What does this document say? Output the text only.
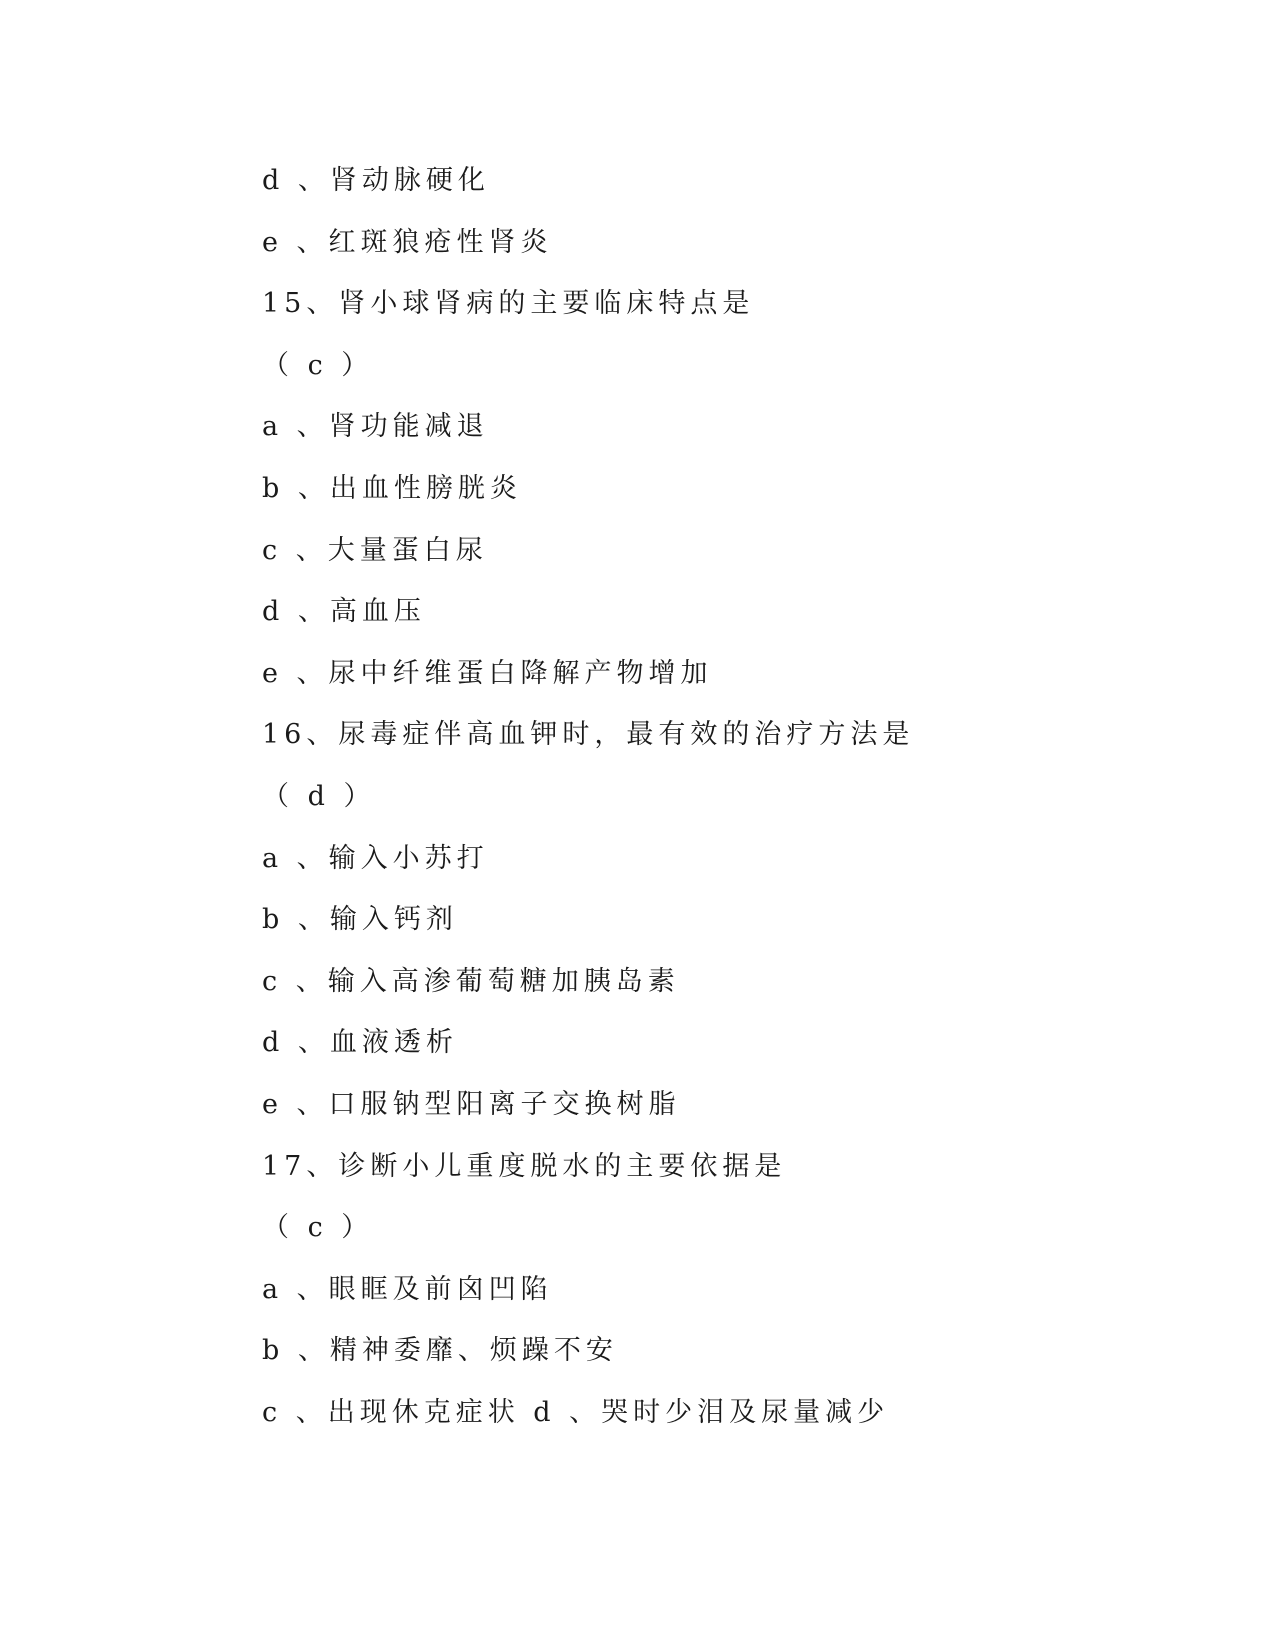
d 、肾动脉硬化
e 、红斑狼疮性肾炎
15、肾小球肾病的主要临床特点是
（ c ）
a 、肾功能减退
b 、出血性膀胱炎
c 、大量蛋白尿
d 、高血压
e 、尿中纤维蛋白降解产物增加
16、尿毒症伴高血钾时，最有效的治疗方法是
（ d ）
a 、输入小苏打
b 、输入钙剂
c 、输入高渗葡萄糖加胰岛素
d 、血液透析
e 、口服钠型阳离子交换树脂
17、诊断小儿重度脱水的主要依据是
（ c ）
a 、眼眶及前囟凹陷
b 、精神委靡、烦躁不安
c 、出现休克症状 d 、哭时少泪及尿量减少
